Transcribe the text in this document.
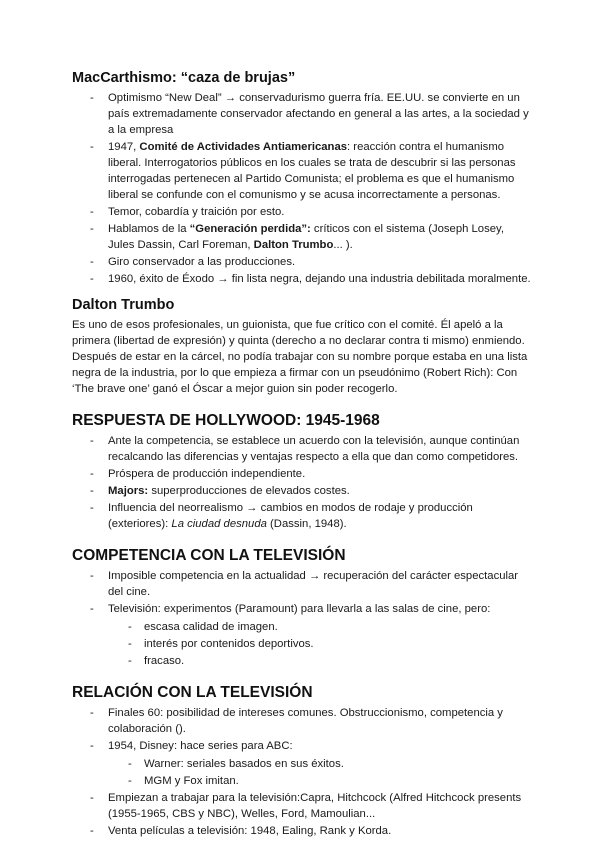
MacCarthismo: “caza de brujas”
- Optimismo “New Deal” → conservadurismo guerra fría. EE.UU. se convierte en un país extremadamente conservador afectando en general a las artes, a la sociedad y a la empresa
- 1947, Comité de Actividades Antiamericanas: reacción contra el humanismo liberal. Interrogatorios públicos en los cuales se trata de descubrir si las personas interrogadas pertenecen al Partido Comunista; el problema es que el humanismo liberal se confunde con el comunismo y se acusa incorrectamente a personas.
- Temor, cobardía y traición por esto.
- Hablamos de la “Generación perdida”: críticos con el sistema (Joseph Losey, Jules Dassin, Carl Foreman, Dalton Trumbo... ).
- Giro conservador a las producciones.
- 1960, éxito de Éxodo → fin lista negra, dejando una industria debilitada moralmente.
Dalton Trumbo

Es uno de esos profesionales, un guionista, que fue crítico con el comité. Él apeló a la primera (libertad de expresión) y quinta (derecho a no declarar contra ti mismo) enmiendo. Después de estar en la cárcel, no podía trabajar con su nombre porque estaba en una lista negra de la industria, por lo que empieza a firmar con un pseudónimo (Robert Rich): Con ‘The brave one’ ganó el Óscar a mejor guion sin poder recogerlo.

RESPUESTA DE HOLLYWOOD: 1945-1968
- Ante la competencia, se establece un acuerdo con la televisión, aunque continúan recalcando las diferencias y ventajas respecto a ella que dan como competidores.
- Próspera de producción independiente.
- Majors: superproducciones de elevados costes.
- Influencia del neorrealismo → cambios en modos de rodaje y producción (exteriores): La ciudad desnuda (Dassin, 1948).
COMPETENCIA CON LA TELEVISIÓN
- Imposible competencia en la actualidad → recuperación del carácter espectacular del cine.
- Televisión: experimentos (Paramount) para llevarla a las salas de cine, pero:
- escasa calidad de imagen.
- interés por contenidos deportivos.
- fracaso.
RELACIÓN CON LA TELEVISIÓN
- Finales 60: posibilidad de intereses comunes. Obstruccionismo, competencia y colaboración ().
- 1954, Disney: hace series para ABC:
- Warner: seriales basados en sus éxitos.
- MGM y Fox imitan.
- Empiezan a trabajar para la televisión:Capra, Hitchcock (Alfred Hitchcock presents (1955-1965, CBS y NBC), Welles, Ford, Mamoulian...
- Venta películas a televisión: 1948, Ealing, Rank y Korda.
